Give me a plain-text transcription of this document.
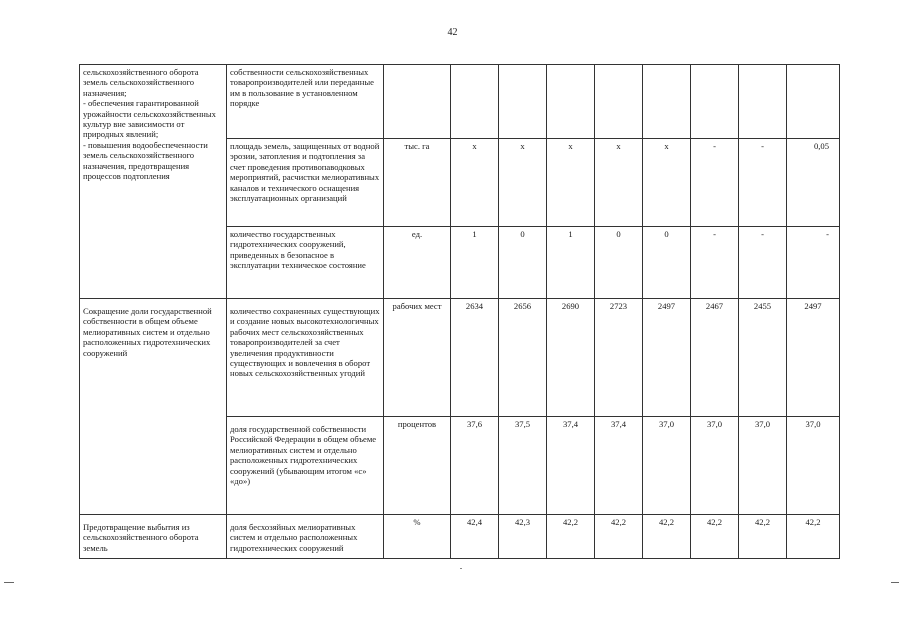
42
сельскохозяйственного оборота земель сельскохозяйственного назначения;
- обеспечения гарантированной урожайности сельскохозяйственных культур вне зависимости от природных явлений;
- повышения водообеспеченности земель сельскохозяйственного назначения, предотвращения процессов подтопления	собственности сельскохозяйственных товаропроизводителей или переданные им в пользование в установленном порядке									
	площадь земель, защищенных от водной эрозии, затопления и подтопления за счет проведения противопаводковых мероприятий, расчистки мелиоративных каналов и технического оснащения эксплуатационных организаций	тыс. га	х	х	х	х	х	-	-	0,05
	количество государственных гидротехнических сооружений, приведенных в безопасное в эксплуатации техническое состояние	ед.	1	0	1	0	0	-	-	-
Сокращение доли государственной собственности в общем объеме мелиоративных систем и отдельно расположенных гидротехнических сооружений	количество сохраненных существующих и создание новых высокотехнологичных рабочих мест сельскохозяйственных товаропроизводителей за счет увеличения продуктивности существующих и вовлечения в оборот новых сельскохозяйственных угодий	рабочих мест	2634	2656	2690	2723	2497	2467	2455	2497
	доля государственной собственности Российской Федерации в общем объеме мелиоративных систем и отдельно расположенных гидротехнических сооружений (убывающим итогом «с» «до»)	процентов	37,6	37,5	37,4	37,4	37,0	37,0	37,0	37,0
Предотвращение выбытия из сельскохозяйственного оборота земель	доля бесхозяйных мелиоративных систем и отдельно расположенных гидротехнических сооружений	%	42,4	42,3	42,2	42,2	42,2	42,2	42,2	42,2
